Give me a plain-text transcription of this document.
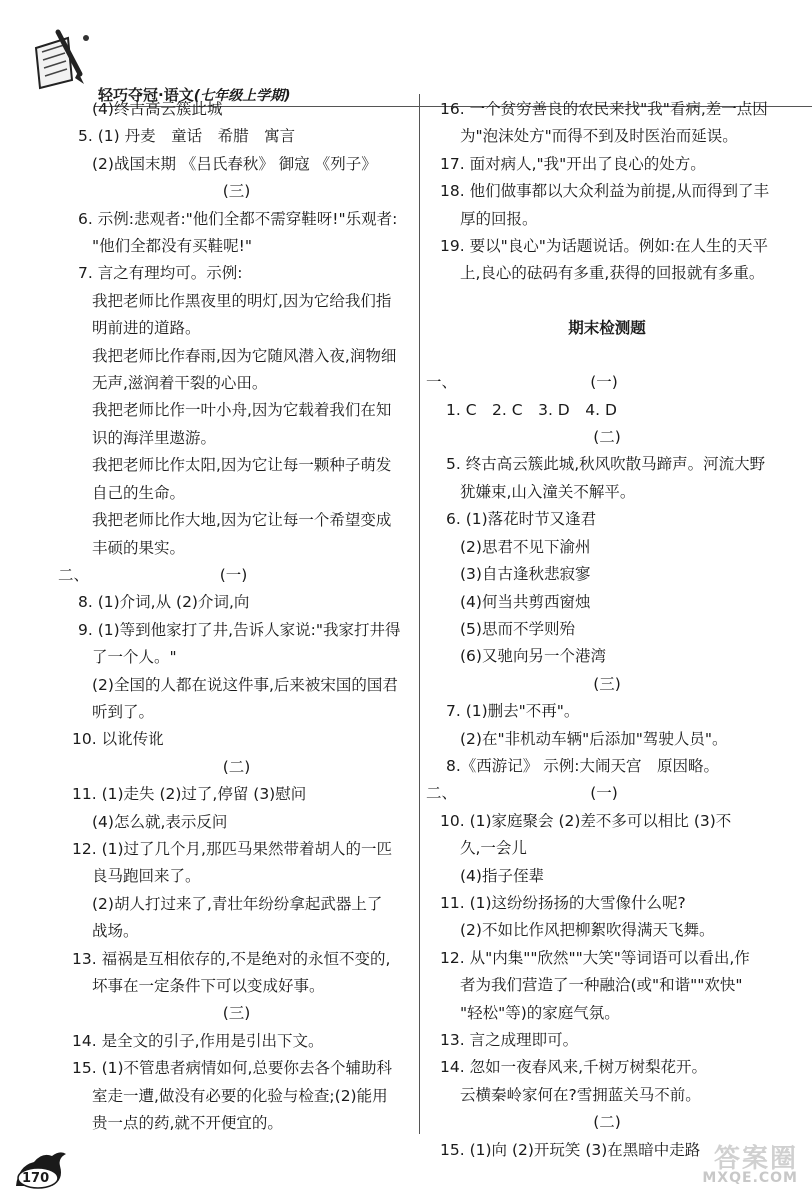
轻巧夺冠·语文(七年级上学期)
(4)终古高云簇此城
5. (1) 丹麦　童话　希腊　寓言
(2)战国末期 《吕氏春秋》 御寇 《列子》
(三)
6. 示例:悲观者:"他们全都不需穿鞋呀!"乐观者:
"他们全都没有买鞋呢!"
7. 言之有理均可。示例:
我把老师比作黑夜里的明灯,因为它给我们指
明前进的道路。
我把老师比作春雨,因为它随风潜入夜,润物细
无声,滋润着干裂的心田。
我把老师比作一叶小舟,因为它载着我们在知
识的海洋里遨游。
我把老师比作太阳,因为它让每一颗种子萌发
自己的生命。
我把老师比作大地,因为它让每一个希望变成
丰硕的果实。
二、	(一)
8. (1)介词,从 (2)介词,向
9. (1)等到他家打了井,告诉人家说:"我家打井得
了一个人。"
(2)全国的人都在说这件事,后来被宋国的国君
听到了。
10. 以讹传讹
(二)
11. (1)走失 (2)过了,停留 (3)慰问
(4)怎么就,表示反问
12. (1)过了几个月,那匹马果然带着胡人的一匹
良马跑回来了。
(2)胡人打过来了,青壮年纷纷拿起武器上了
战场。
13. 福祸是互相依存的,不是绝对的永恒不变的,
坏事在一定条件下可以变成好事。
(三)
14. 是全文的引子,作用是引出下文。
15. (1)不管患者病情如何,总要你去各个辅助科
室走一遭,做没有必要的化验与检查;(2)能用
贵一点的药,就不开便宜的。
16. 一个贫穷善良的农民来找"我"看病,差一点因
为"泡沫处方"而得不到及时医治而延误。
17. 面对病人,"我"开出了良心的处方。
18. 他们做事都以大众利益为前提,从而得到了丰
厚的回报。
19. 要以"良心"为话题说话。例如:在人生的天平
上,良心的砝码有多重,获得的回报就有多重。
期末检测题
一、	(一)
1. C　2. C　3. D　4. D
(二)
5. 终古高云簇此城,秋风吹散马蹄声。河流大野
犹嫌束,山入潼关不解平。
6. (1)落花时节又逢君
(2)思君不见下渝州
(3)自古逢秋悲寂寥
(4)何当共剪西窗烛
(5)思而不学则殆
(6)又驰向另一个港湾
(三)
7. (1)删去"不再"。
(2)在"非机动车辆"后添加"驾驶人员"。
8.《西游记》 示例:大闹天宫　原因略。
二、	(一)
10. (1)家庭聚会 (2)差不多可以相比 (3)不
久,一会儿
(4)指子侄辈
11. (1)这纷纷扬扬的大雪像什么呢?
(2)不如比作风把柳絮吹得满天飞舞。
12. 从"内集""欣然""大笑"等词语可以看出,作
者为我们营造了一种融洽(或"和谐""欢快"
"轻松"等)的家庭气氛。
13. 言之成理即可。
14. 忽如一夜春风来,千树万树梨花开。
云横秦岭家何在?雪拥蓝关马不前。
(二)
15. (1)向 (2)开玩笑 (3)在黑暗中走路
170
答案圈
MXQE.COM
